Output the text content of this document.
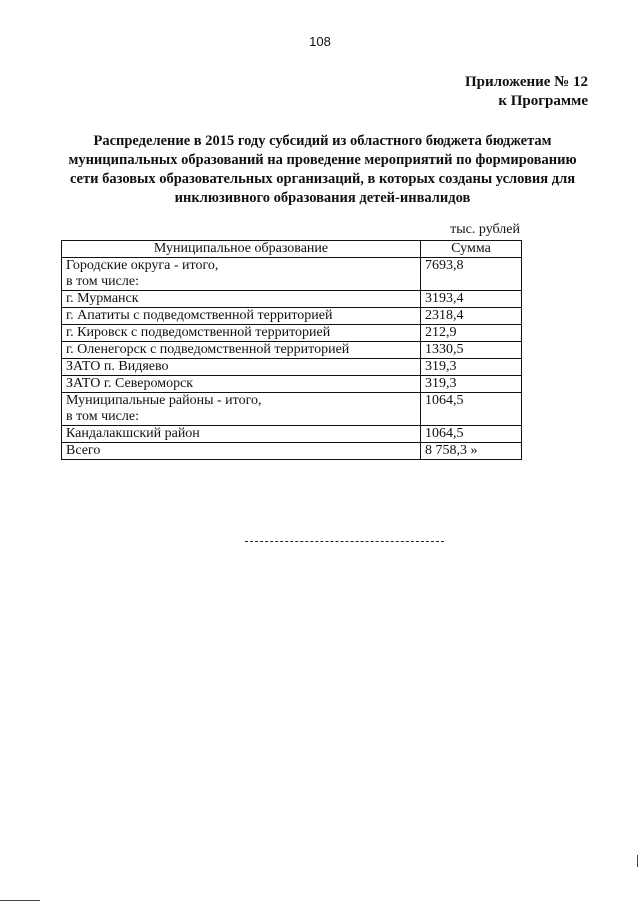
108
Приложение № 12
к Программе
Распределение в 2015 году субсидий из областного бюджета бюджетам муниципальных образований на проведение мероприятий по формированию сети базовых образовательных организаций, в которых созданы условия для инклюзивного образования детей-инвалидов
тыс. рублей
Муниципальное образование	Сумма

Городские округа - итого,
в том числе:	7693,8

г. Мурманск	3193,4

г. Апатиты с подведомственной территорией	2318,4

г. Кировск с подведомственной территорией	212,9

г. Оленегорск с подведомственной территорией	1330,5

ЗАТО п. Видяево	319,3

ЗАТО г. Североморск	319,3

Муниципальные районы - итого,
в том числе:	1064,5

Кандалакшский район	1064,5

Всего	8 758,3 »
